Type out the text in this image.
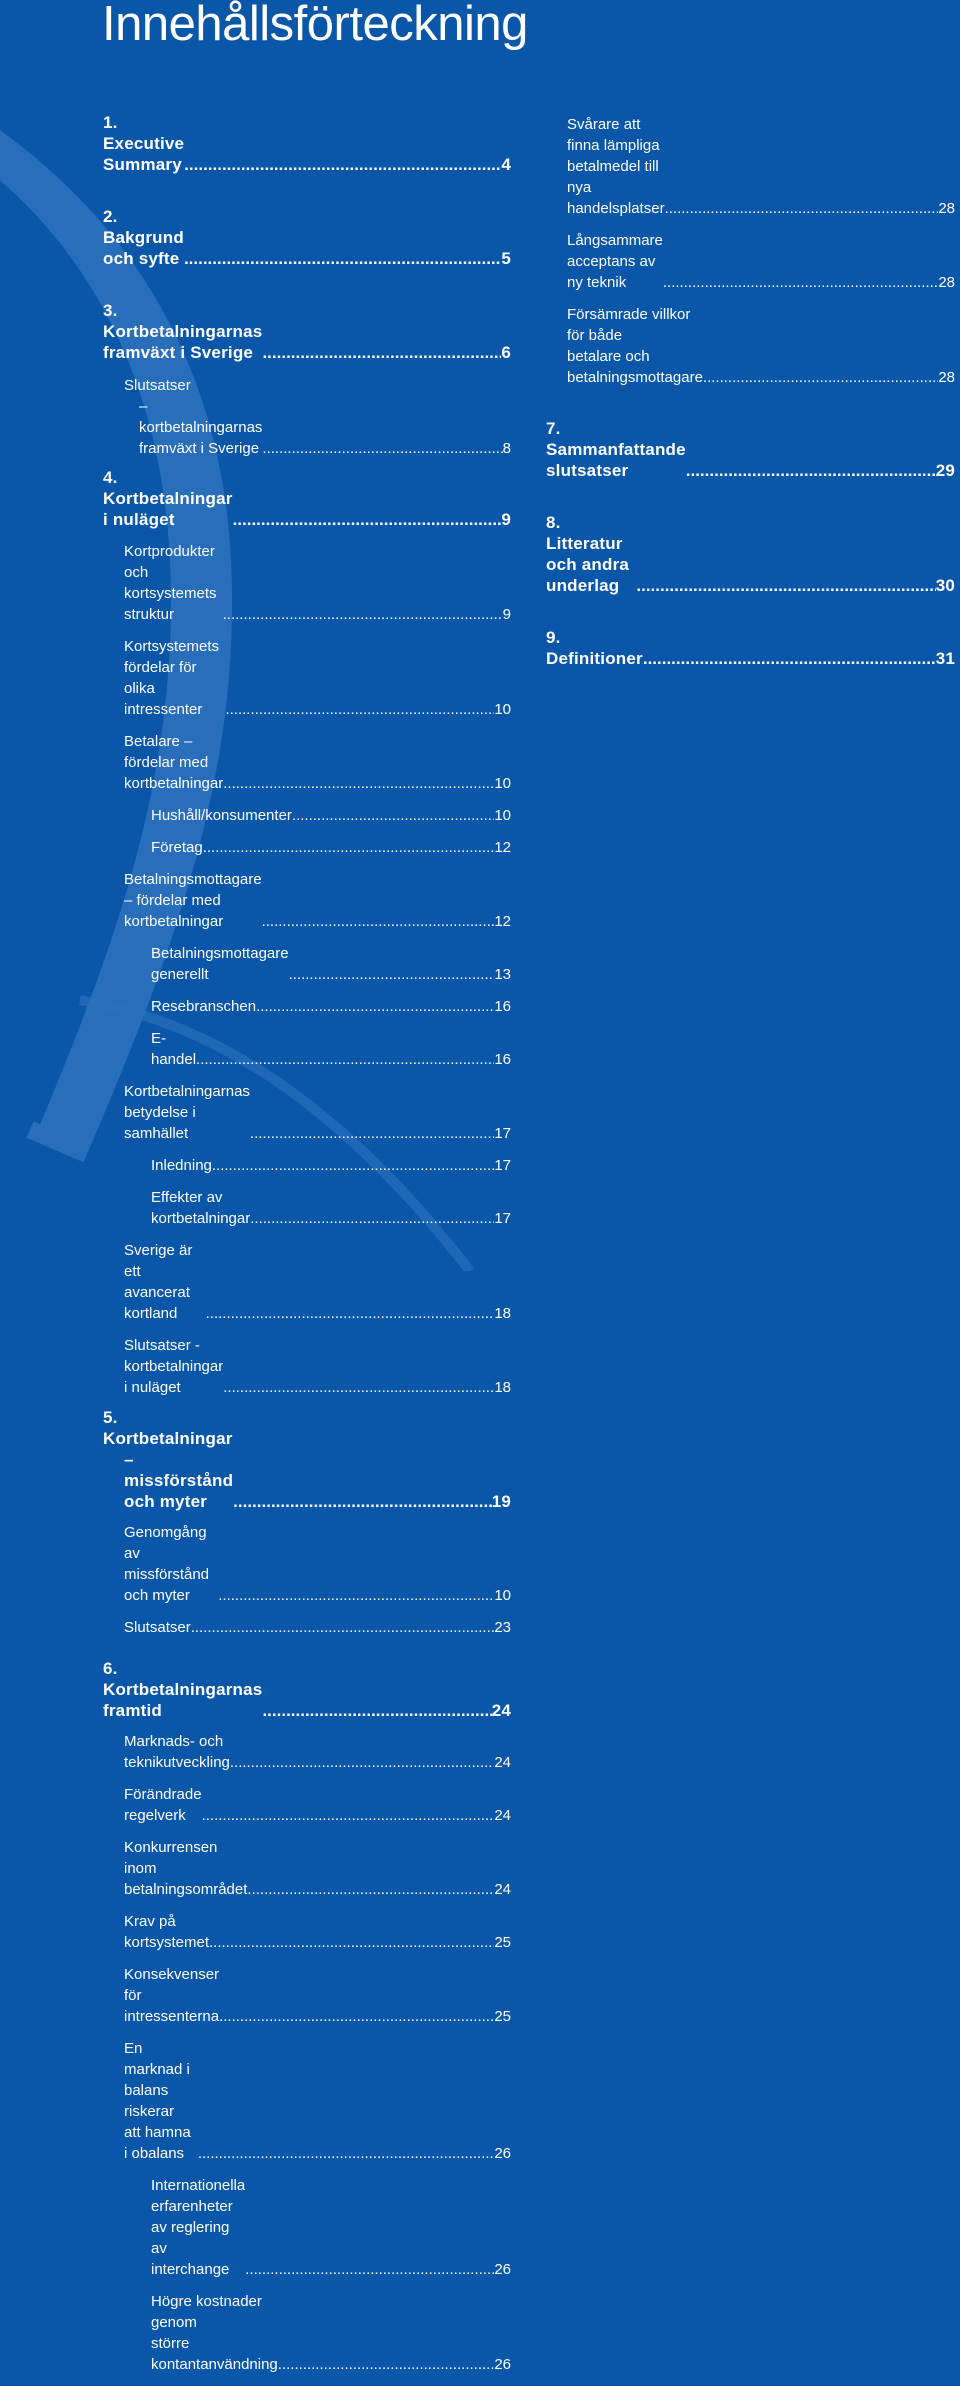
Innehållsförteckning
1. Executive Summary .....	4
2. Bakgrund och syfte .....	5
3. Kortbetalningarnas framväxt i Sverige .....	6
Slutsatser
– kortbetalningarnas framväxt i Sverige .....	8
4. Kortbetalningar i nuläget .....	9
Kortprodukter och kortsystemets struktur .....	9
Kortsystemets fördelar för olika intressenter .....	10
Betalare – fördelar med kortbetalningar .....	10
Hushåll/konsumenter .....	10
Företag .....	12
Betalningsmottagare
– fördelar med kortbetalningar .....	12
Betalningsmottagare generellt .....	13
Resebranschen .....	16
E-handel .....	16
Kortbetalningarnas betydelse i samhället .....	17
Inledning .....	17
Effekter av kortbetalningar .....	17
Sverige är ett avancerat kortland .....	18
Slutsatser - kortbetalningar i nuläget .....	18
5. Kortbetalningar
– missförstånd och myter .....	19
Genomgång av missförstånd och myter .....	10
Slutsatser .....	23
6. Kortbetalningarnas framtid .....	24
Marknads- och teknikutveckling .....	24
Förändrade regelverk .....	24
Konkurrensen inom betalningsområdet .....	24
Krav på kortsystemet .....	25
Konsekvenser för intressenterna .....	25
En marknad i balans riskerar
att hamna i obalans .....	26
Internationella erfarenheter
av reglering av interchange .....	26
Högre kostnader genom
större kontantanvändning .....	26
Svårare att finna lämpliga
betalmedel till nya handelsplatser .....	28
Långsammare acceptans av ny teknik .....	28
Försämrade villkor för både
betalare och betalningsmottagare .....	28
7. Sammanfattande slutsatser .....	29
8. Litteratur och andra underlag .....	30
9. Definitioner .....	31
